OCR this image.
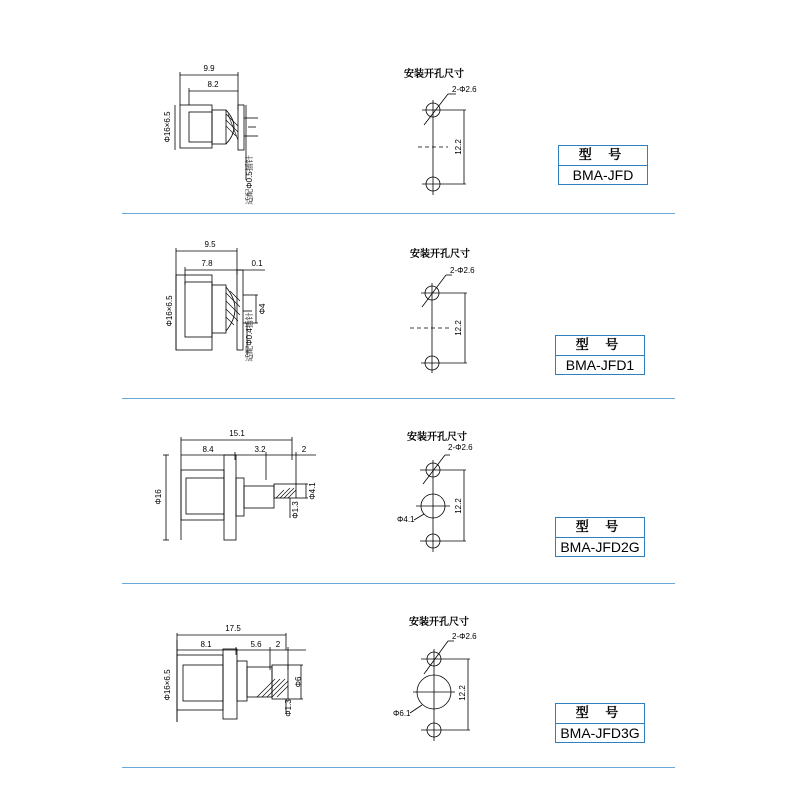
9.9
8.2
Φ16×6.5
适配Φ0.5插针
安装开孔尺寸
2-Φ2.6
12.2
型 号
BMA-JFD
9.5
7.8	0.1
Φ16×6.5	Φ4
适配Φ0.4插针
安装开孔尺寸
2-Φ2.6
12.2
型 号
BMA-JFD1
15.1
8.4	3.2	2
Φ16	Φ4.1
Φ1.3
安装开孔尺寸
2-Φ2.6
12.2
Φ4.1
型 号
BMA-JFD2G
17.5
8.1	5.6 2
Φ16×6.5	Φ6
Φ1.3
安装开孔尺寸
2-Φ2.6
12.2
Φ6.1	型 号
BMA-JFD3G
